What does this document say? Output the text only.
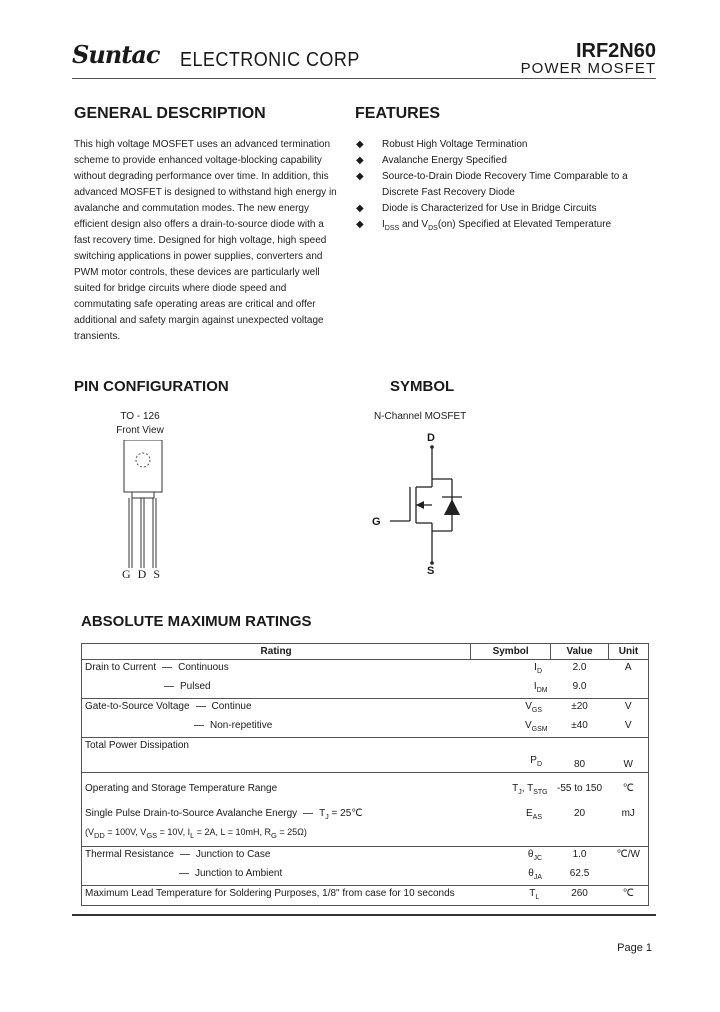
Suntac ELECTRONIC CORP	IRF2N60
POWER MOSFET
GENERAL DESCRIPTION
This high voltage MOSFET uses an advanced termination
scheme to provide enhanced voltage-blocking capability
without degrading performance over time. In addition, this
advanced MOSFET is designed to withstand high energy in
avalanche and commutation modes. The new energy
efficient design also offers a drain-to-source diode with a
fast recovery time. Designed for high voltage, high speed
switching applications in power supplies, converters and
PWM motor controls, these devices are particularly well
suited for bridge circuits where diode speed and
commutating safe operating areas are critical and offer
additional and safety margin against unexpected voltage
transients.
FEATURES
◆ Robust High Voltage Termination
◆ Avalanche Energy Specified
◆ Source-to-Drain Diode Recovery Time Comparable to a
Discrete Fast Recovery Diode
◆ Diode is Characterized for Use in Bridge Circuits
◆ $I_{DSS}$ and $V_{DS}(on)$ Specified at Elevated Temperature
PIN CONFIGURATION
TO - 126
Front View
G D S
SYMBOL
N-Channel MOSFET
D
G
S
ABSOLUTE MAXIMUM RATINGS
Rating	Symbol	Value	Unit
Drain to Current Continuous	$I_D$	2.0	A
Pulsed	$I_{DM}$	9.0	
Gate-to-Source Voltage Continue	$V_{GS}$	±20	V
Non-repetitive	$V_{GSM}$	±40	V
Total Power Dissipation	$P_D$	80	W
Operating and Storage Temperature Range	$T_J$, $T_{STG}$	-55 to 150	℃
Single Pulse Drain-to-Source Avalanche Energy $T_J$ = 25℃	$E_{AS}$	20	mJ
($V_{DD} = 100V$, $V_{GS} = 10V$, $I_L = 2A$, L = 10mH, $R_G = 25\Omega$)			
Thermal Resistance Junction to Case	$\theta_{JC}$	1.0	℃/W
Junction to Ambient	$\theta_{JA}$	62.5	
Maximum Lead Temperature for Soldering Purposes, 1/8" from case for 10 seconds	$T_L$	260	℃
Page 1
